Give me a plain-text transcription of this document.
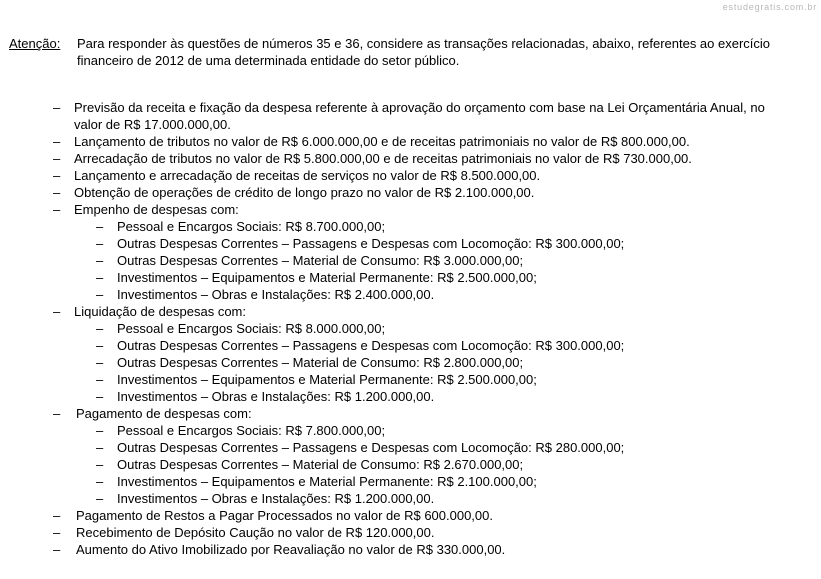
estudegratis.com.br
Atenção: Para responder às questões de números 35 e 36, considere as transações relacionadas, abaixo, referentes ao exercício
financeiro de 2012 de uma determinada entidade do setor público.
– Previsão da receita e fixação da despesa referente à aprovação do orçamento com base na Lei Orçamentária Anual, no
valor de R$ 17.000.000,00.
– Lançamento de tributos no valor de R$ 6.000.000,00 e de receitas patrimoniais no valor de R$ 800.000,00.
– Arrecadação de tributos no valor de R$ 5.800.000,00 e de receitas patrimoniais no valor de R$ 730.000,00.
– Lançamento e arrecadação de receitas de serviços no valor de R$ 8.500.000,00.
– Obtenção de operações de crédito de longo prazo no valor de R$ 2.100.000,00.
– Empenho de despesas com:
– Pessoal e Encargos Sociais: R$ 8.700.000,00;
– Outras Despesas Correntes – Passagens e Despesas com Locomoção: R$ 300.000,00;
– Outras Despesas Correntes – Material de Consumo: R$ 3.000.000,00;
– Investimentos – Equipamentos e Material Permanente: R$ 2.500.000,00;
– Investimentos – Obras e Instalações: R$ 2.400.000,00.
– Liquidação de despesas com:
– Pessoal e Encargos Sociais: R$ 8.000.000,00;
– Outras Despesas Correntes – Passagens e Despesas com Locomoção: R$ 300.000,00;
– Outras Despesas Correntes – Material de Consumo: R$ 2.800.000,00;
– Investimentos – Equipamentos e Material Permanente: R$ 2.500.000,00;
– Investimentos – Obras e Instalações: R$ 1.200.000,00.
– Pagamento de despesas com:
– Pessoal e Encargos Sociais: R$ 7.800.000,00;
– Outras Despesas Correntes – Passagens e Despesas com Locomoção: R$ 280.000,00;
– Outras Despesas Correntes – Material de Consumo: R$ 2.670.000,00;
– Investimentos – Equipamentos e Material Permanente: R$ 2.100.000,00;
– Investimentos – Obras e Instalações: R$ 1.200.000,00.
– Pagamento de Restos a Pagar Processados no valor de R$ 600.000,00.
– Recebimento de Depósito Caução no valor de R$ 120.000,00.
– Aumento do Ativo Imobilizado por Reavaliação no valor de R$ 330.000,00.
